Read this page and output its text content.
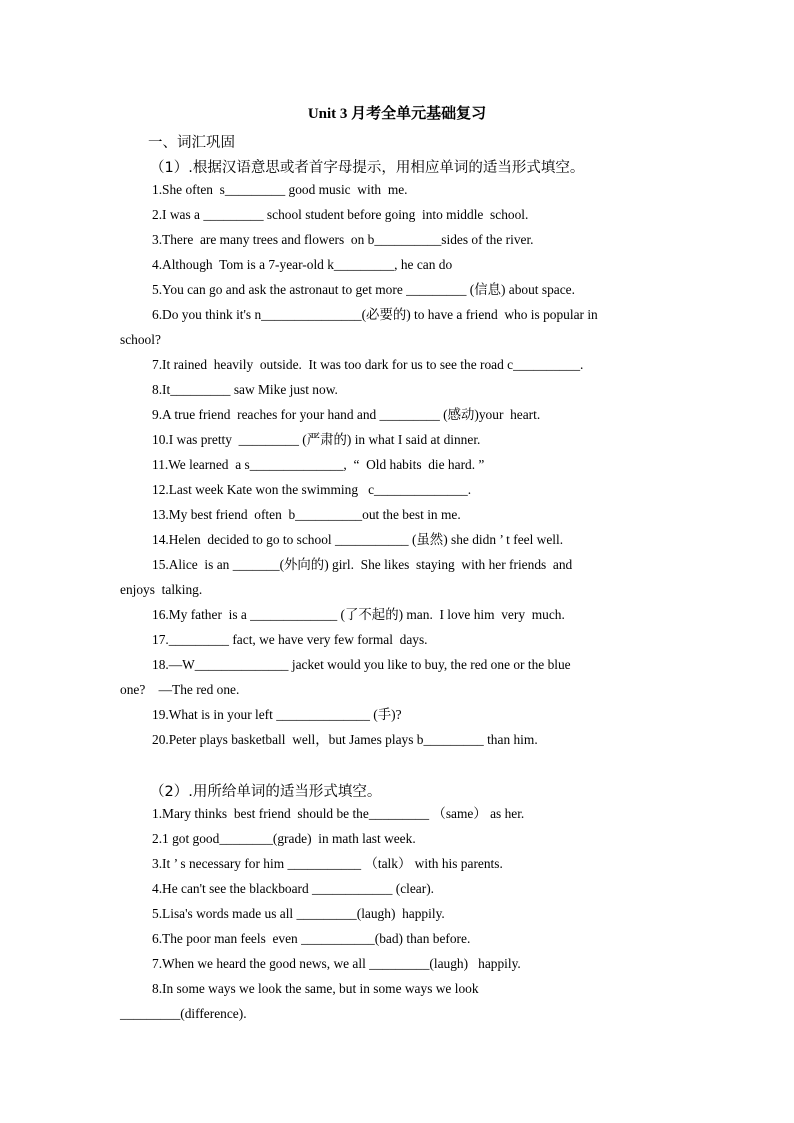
Unit 3 月考全单元基础复习
一、词汇巩固
（1）.根据汉语意思或者首字母提示，用相应单词的适当形式填空。
1.She often  s_________ good music  with  me.
2.I was a _________ school student before going  into middle  school.
3.There  are many trees and flowers  on b__________sides of the river.
4.Although  Tom is a 7-year-old k_________, he can do
5.You can go and ask the astronaut to get more _________ (信息) about space.
6.Do you think it's n_______________(必要的) to have a friend  who is popular in
school?
7.It rained  heavily  outside.  It was too dark for us to see the road c__________.
8.It_________ saw Mike just now.
9.A true friend  reaches for your hand and _________ (感动)your  heart.
10.I was pretty  _________ (严肃的) in what I said at dinner.
11.We learned  a s______________,  “  Old habits  die hard. ”
12.Last week Kate won the swimming   c______________.
13.My best friend  often  b__________out the best in me.
14.Helen  decided to go to school ___________ (虽然) she didn ’ t feel well.
15.Alice  is an _______(外向的) girl.  She likes  staying  with her friends  and
enjoys  talking.
16.My father  is a _____________ (了不起的) man.  I love him  very  much.
17._________ fact, we have very few formal  days.
18.—W______________ jacket would you like to buy, the red one or the blue
one?    —The red one.
19.What is in your left ______________ (手)?
20.Peter plays basketball  well，but James plays b_________ than him.
（2）.用所给单词的适当形式填空。
1.Mary thinks  best friend  should be the_________ （same） as her.
2.1 got good________(grade)  in math last week.
3.It ’ s necessary for him ___________ （talk） with his parents.
4.He can't see the blackboard ____________ (clear).
5.Lisa's words made us all _________(laugh)  happily.
6.The poor man feels  even ___________(bad) than before.
7.When we heard the good news, we all _________(laugh)   happily.
8.In some ways we look the same, but in some ways we look
_________(difference).
